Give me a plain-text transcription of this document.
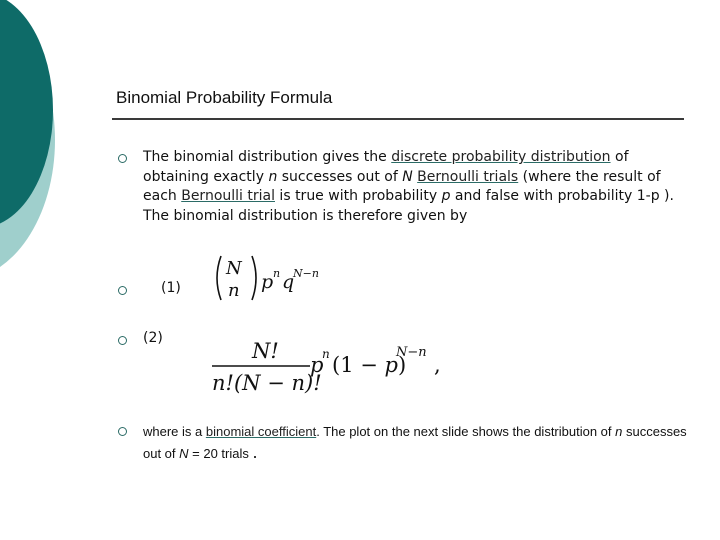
Binomial Probability Formula
The binomial distribution gives the discrete probability distribution of obtaining exactly n successes out of N Bernoulli trials (where the result of each Bernoulli trial is true with probability p and false with probability 1-p ). The binomial distribution is therefore given by
(1)
N
n p n q
N−n
(2)
N!
n!(N − n)!
p
n (1 − p)
N−n
,
where is a binomial coefficient. The plot on the next slide shows the distribution of n successes out of N = 20 trials .
